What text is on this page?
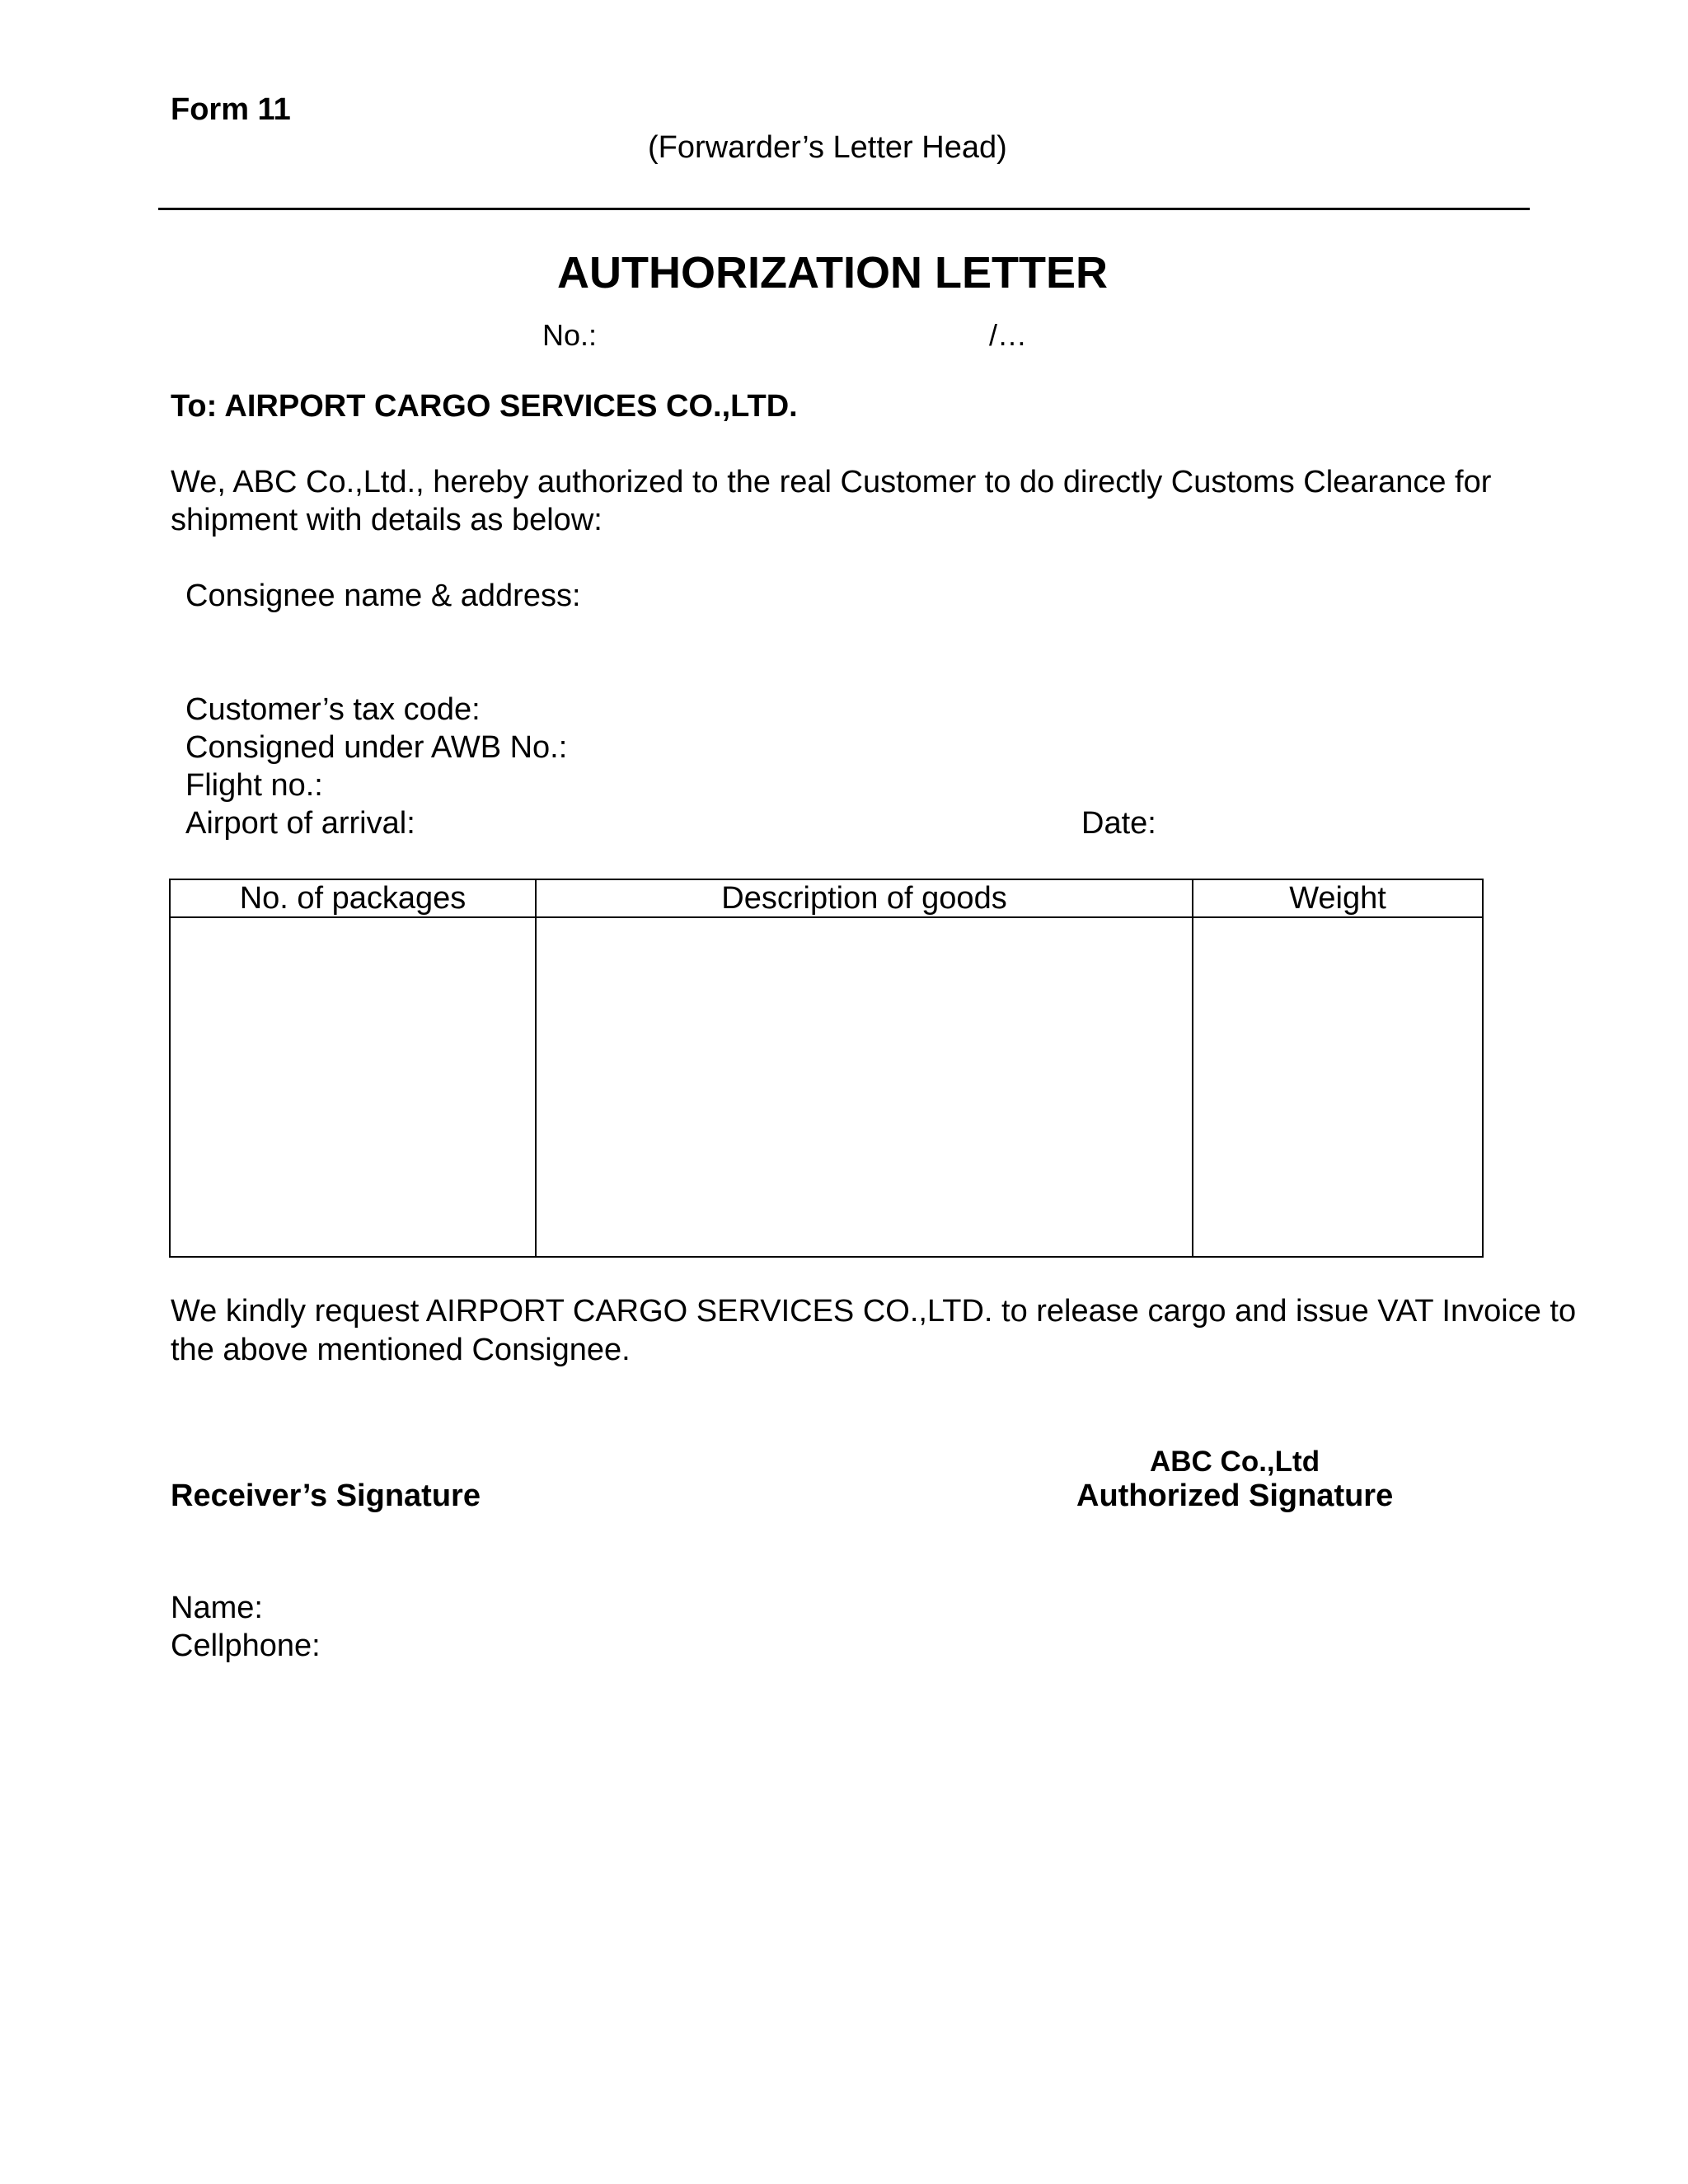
Form 11
(Forwarder’s Letter Head)
AUTHORIZATION LETTER
No.:	/…
To: AIRPORT CARGO SERVICES CO.,LTD.
We, ABC Co.,Ltd., hereby authorized to the real Customer to do directly Customs Clearance for shipment with details as below:
Consignee name & address:
Customer’s tax code:
Consigned under AWB No.:
Flight no.:
Airport of arrival:	Date:
No. of packages	Description of goods	Weight

We kindly request AIRPORT CARGO SERVICES CO.,LTD. to release cargo and issue VAT Invoice to the above mentioned Consignee.
ABC Co.,Ltd
Receiver’s Signature	Authorized Signature
Name:
Cellphone:
